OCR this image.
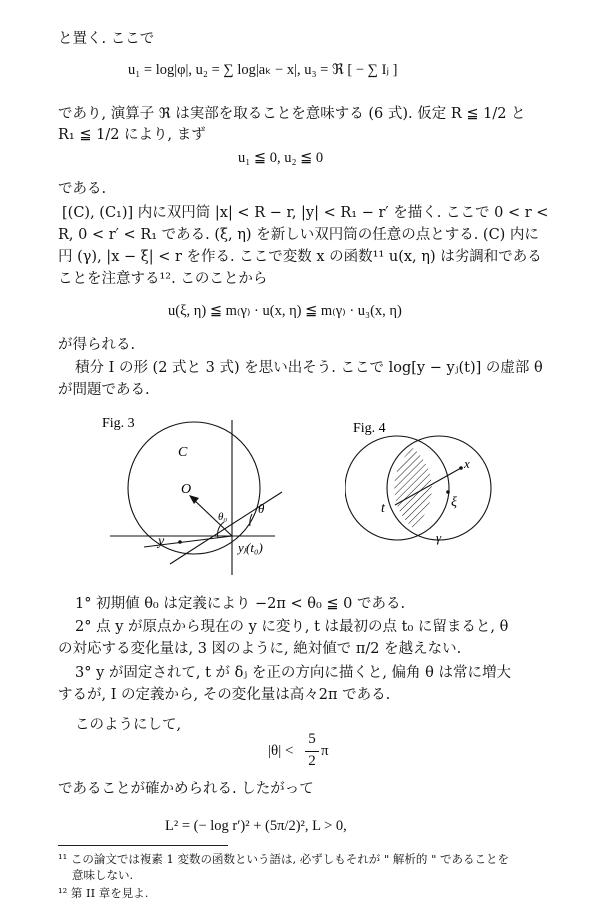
と置く. ここで
u₁ = log|φ|, u₂ = ∑ log|aₖ − x|, u₃ = ℜ [ − ∑ Iⱼ ]
であり, 演算子 ℜ は実部を取ることを意味する (6 式). 仮定 R ≦ 1/2 と
R₁ ≦ 1/2 により, まず
u₁ ≦ 0, u₂ ≦ 0
である.
[(C), (C₁)] 内に双円筒 |x| < R − r, |y| < R₁ − r′ を描く. ここで 0 < r <
R, 0 < r′ < R₁ である. (ξ, η) を新しい双円筒の任意の点とする. (C) 内に
円 (γ), |x − ξ| < r を作る. ここで変数 x の函数¹¹ u(x, η) は劣調和である
ことを注意する¹². このことから
u(ξ, η) ≦ m₍γ₎ · u(x, η) ≦ m₍γ₎ · u₃(x, η)
が得られる.
積分 I の形 (2 式と 3 式) を思い出そう. ここで log[y − yⱼ(t)] の虚部 θ
が問題である.
Fig. 3
C
O
θ₀
θ
y	yⱼ(t₀)
Fig. 4
t
x
ξ
γ
1° 初期値 θ₀ は定義により −2π < θ₀ ≦ 0 である.
2° 点 y が原点から現在の y に変り, t は最初の点 t₀ に留まると, θ
の対応する変化量は, 3 図のように, 絶対値で π/2 を越えない.
3° y が固定されて, t が δⱼ を正の方向に描くと, 偏角 θ は常に増大
するが, I の定義から, その変化量は高々2π である.
このようにして,
|θ| <
5
2
π
であることが確かめられる. したがって
L² = (− log r′)² + (5π/2)², L > 0,
¹¹ この論文では複素 1 変数の函数という語は, 必ずしもそれが " 解析的 " であることを
意味しない.
¹² 第 II 章を見よ.
